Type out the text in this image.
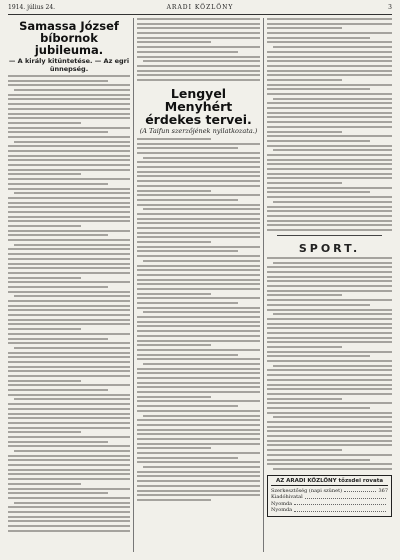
1914. július 24.	ARADI KÖZLÖNY	3
Samassa József bíbornok jubileuma.
— A király kitüntetése. — Az egri ünnepség.
Lengyel Menyhért érdekes tervei.
(A Taifun szerzőjének nyilatkozata.)
SPORT.
AZ ARADI KÖZLÖNY tőzsdei rovata
Szerkesztőség (napi szünet)	367
Kiadóhivatal
Nyomda
Nyomda
